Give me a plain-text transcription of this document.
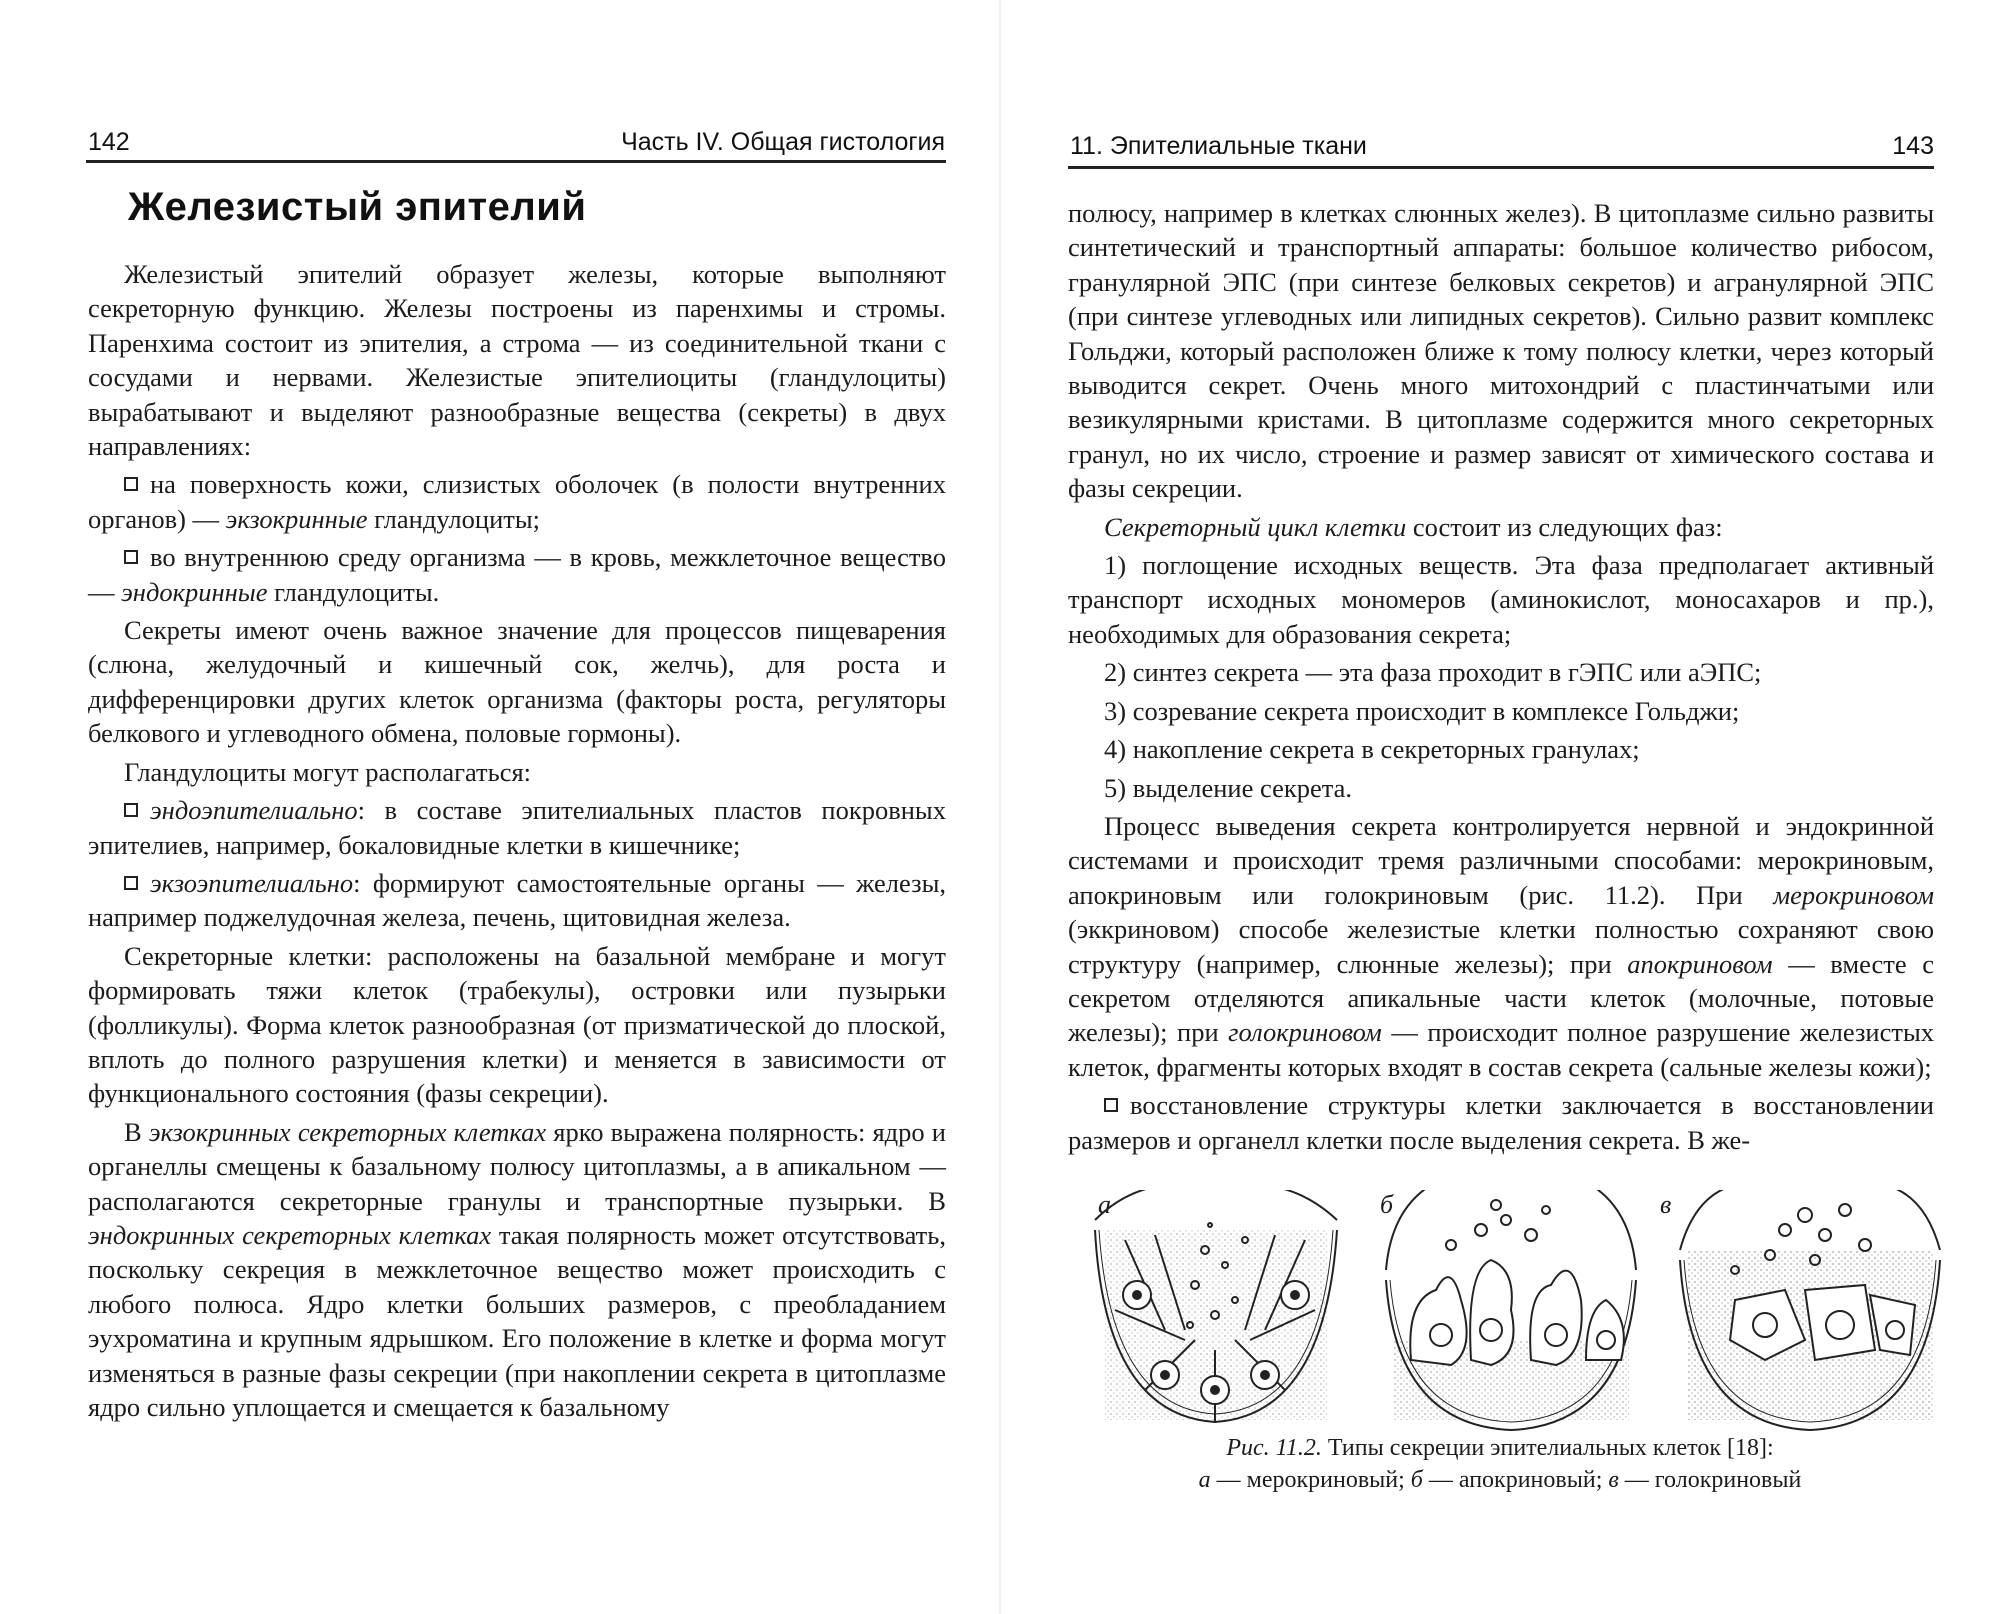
142	Часть IV. Общая гистология
Железистый эпителий

Железистый эпителий образует железы, которые выполняют секреторную функцию. Железы построены из паренхимы и стромы. Паренхима состоит из эпителия, а строма — из соединительной ткани с сосудами и нервами. Железистые эпителиоциты (гландулоциты) вырабатывают и выделяют разнообразные вещества (секреты) в двух направлениях:

на поверхность кожи, слизистых оболочек (в полости внутренних органов) — экзокринные гландулоциты;

во внутреннюю среду организма — в кровь, межклеточное вещество — эндокринные гландулоциты.

Секреты имеют очень важное значение для процессов пищеварения (слюна, желудочный и кишечный сок, желчь), для роста и дифференцировки других клеток организма (факторы роста, регуляторы белкового и углеводного обмена, половые гормоны).

Гландулоциты могут располагаться:

эндоэпителиально: в составе эпителиальных пластов покровных эпителиев, например, бокаловидные клетки в кишечнике;

экзоэпителиально: формируют самостоятельные органы — железы, например поджелудочная железа, печень, щитовидная железа.

Секреторные клетки: расположены на базальной мембране и могут формировать тяжи клеток (трабекулы), островки или пузырьки (фолликулы). Форма клеток разнообразная (от призматической до плоской, вплоть до полного разрушения клетки) и меняется в зависимости от функционального состояния (фазы секреции).

В экзокринных секреторных клетках ярко выражена полярность: ядро и органеллы смещены к базальному полюсу цитоплазмы, а в апикальном — располагаются секреторные гранулы и транспортные пузырьки. В эндокринных секреторных клетках такая полярность может отсутствовать, поскольку секреция в межклеточное вещество может происходить с любого полюса. Ядро клетки больших размеров, с преобладанием эухроматина и крупным ядрышком. Его положение в клетке и форма могут изменяться в разные фазы секреции (при накоплении секрета в цитоплазме ядро сильно уплощается и смещается к базальному

11. Эпителиальные ткани	143

полюсу, например в клетках слюнных желез). В цитоплазме сильно развиты синтетический и транспортный аппараты: большое количество рибосом, гранулярной ЭПС (при синтезе белковых секретов) и агранулярной ЭПС (при синтезе углеводных или липидных секретов). Сильно развит комплекс Гольджи, который расположен ближе к тому полюсу клетки, через который выводится секрет. Очень много митохондрий с пластинчатыми или везикулярными кристами. В цитоплазме содержится много секреторных гранул, но их число, строение и размер зависят от химического состава и фазы секреции.

Секреторный цикл клетки состоит из следующих фаз:

1) поглощение исходных веществ. Эта фаза предполагает активный транспорт исходных мономеров (аминокислот, моносахаров и пр.), необходимых для образования секрета;

2) синтез секрета — эта фаза проходит в гЭПС или аЭПС;

3) созревание секрета происходит в комплексе Гольджи;

4) накопление секрета в секреторных гранулах;

5) выделение секрета.

Процесс выведения секрета контролируется нервной и эндокринной системами и происходит тремя различными способами: мерокриновым, апокриновым или голокриновым (рис. 11.2). При мерокриновом (эккриновом) способе железистые клетки полностью сохраняют свою структуру (например, слюнные железы); при апокриновом — вместе с секретом отделяются апикальные части клеток (молочные, потовые железы); при голокриновом — происходит полное разрушение железистых клеток, фрагменты которых входят в состав секрета (сальные железы кожи);

восстановление структуры клетки заключается в восстановлении размеров и органелл клетки после выделения секрета. В же-

а	б	в
Рис. 11.2. Типы секреции эпителиальных клеток [18]:
а — мерокриновый; б — апокриновый; в — голокриновый
